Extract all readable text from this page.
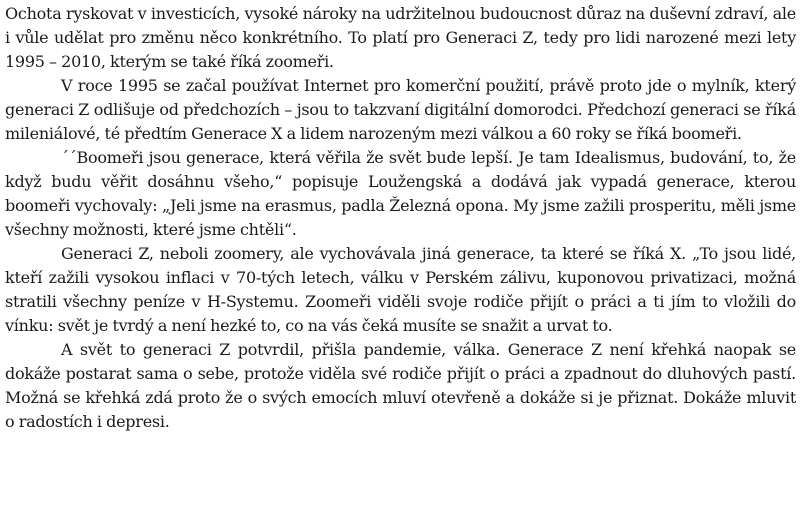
Ochota ryskovat v investicích, vysoké nároky na udržitelnou budoucnost důraz na duševní zdraví, ale i vůle udělat pro změnu něco konkrétního. To platí pro Generaci Z, tedy pro lidi narozené mezi lety 1995 – 2010, kterým se také říká zoomeři.

V roce 1995 se začal používat Internet pro komerční použití, právě proto jde o mylník, který generaci Z odlišuje od předchozích – jsou to takzvaní digitální domorodci. Předchozí generaci se říká mileniálové, té předtím Generace X a lidem narozeným mezi válkou a 60 roky se říká boomeři.

´´Boomeři jsou generace, která věřila že svět bude lepší. Je tam Idealismus, budování, to, že když budu věřit dosáhnu všeho,“ popisuje Loužengská a dodává jak vypadá generace, kterou boomeři vychovaly: „Jeli jsme na erasmus, padla Železná opona. My jsme zažili prosperitu, měli jsme všechny možnosti, které jsme chtěli“.

Generaci Z, neboli zoomery, ale vychovávala jiná generace, ta které se říká X. „To jsou lidé, kteří zažili vysokou inflaci v 70-tých letech, válku v Perském zálivu, kuponovou privatizaci, možná stratili všechny peníze v H-Systemu. Zoomeři viděli svoje rodiče přijít o práci a ti jím to vložili do vínku: svět je tvrdý a není hezké to, co na vás čeká musíte se snažit a urvat to.

A svět to generaci Z potvrdil, přišla pandemie, válka. Generace Z není křehká naopak se dokáže postarat sama o sebe, protože viděla své rodiče přijít o práci a zpadnout do dluhových pastí. Možná se křehká zdá proto že o svých emocích mluví otevřeně a dokáže si je přiznat. Dokáže mluvit o radostích i depresi.
